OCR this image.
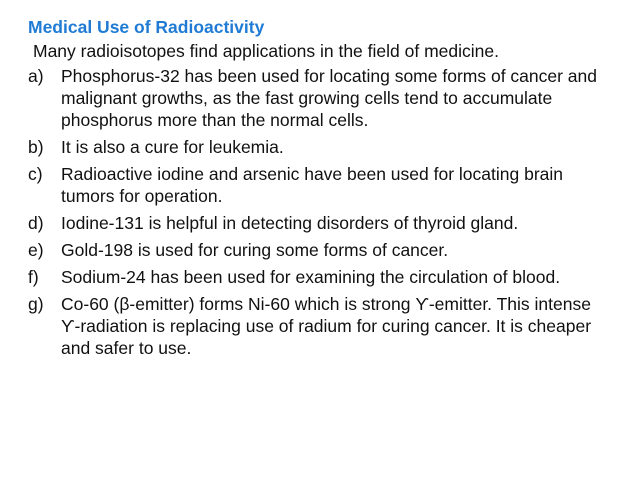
Medical Use of Radioactivity
Many radioisotopes find applications in the field of medicine.
a) Phosphorus-32 has been used for locating some forms of cancer and malignant growths, as the fast growing cells tend to accumulate phosphorus more than the normal cells.
b) It is also a cure for leukemia.
c)	Radioactive iodine and arsenic have been used for locating brain tumors for operation.
d) Iodine-131 is helpful in detecting disorders of thyroid gland.
e) Gold-198 is used for curing some forms of cancer.
f)	Sodium-24 has been used for examining the circulation of blood.
g) Co-60 (β-emitter) forms Ni-60 which is strong ϒ-emitter. This intense ϒ-radiation is replacing use of radium for curing cancer. It is cheaper and safer to use.
